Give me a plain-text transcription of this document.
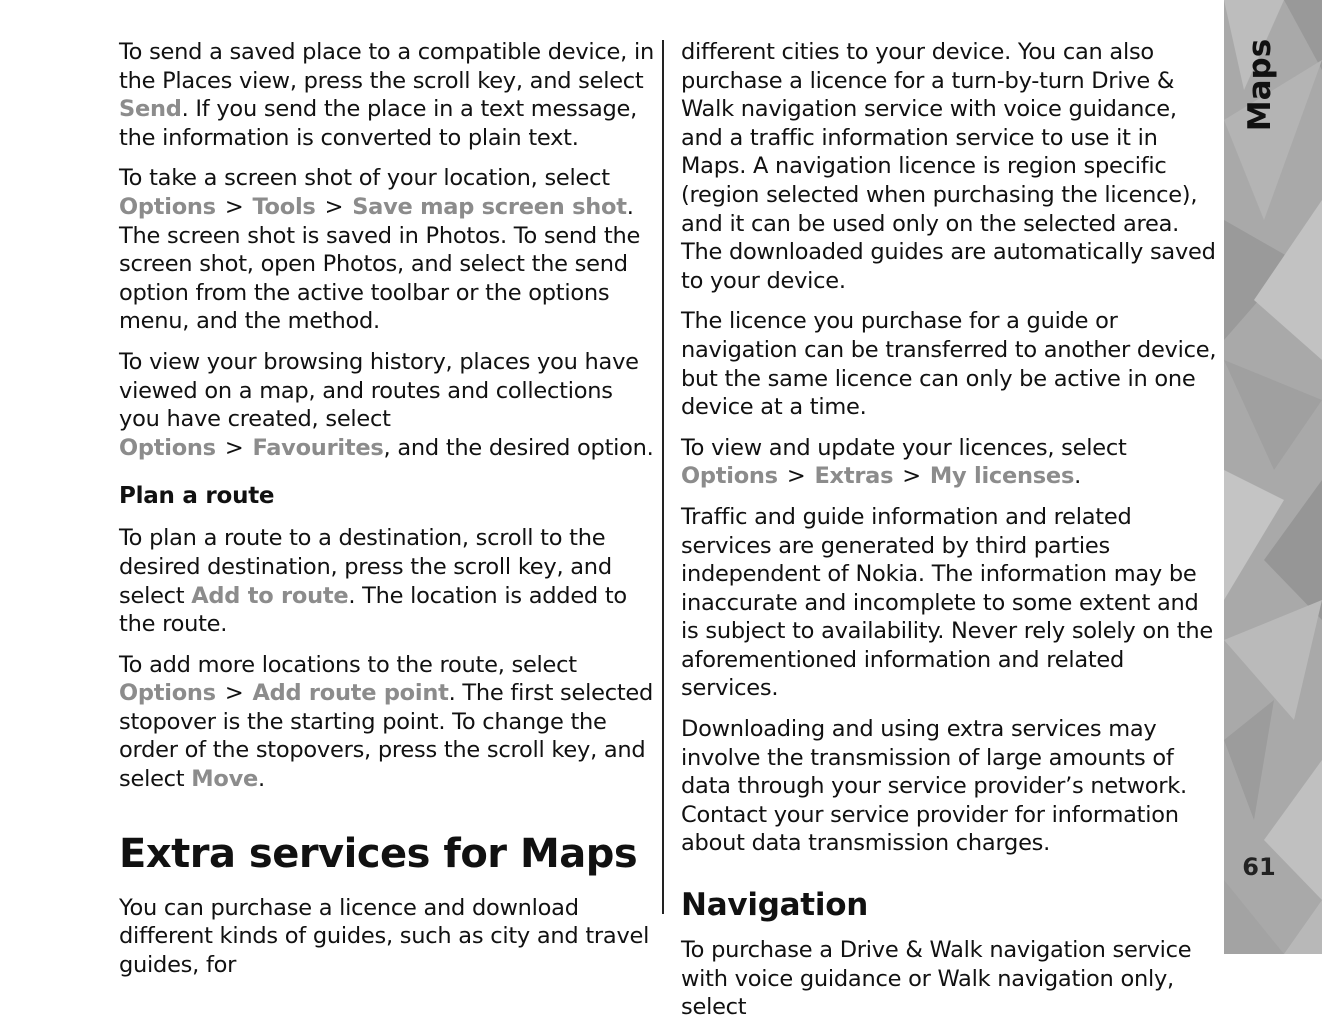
To send a saved place to a compatible device, in the Places view, press the scroll key, and select Send. If you send the place in a text message, the information is converted to plain text.

To take a screen shot of your location, select Options > Tools > Save map screen shot. The screen shot is saved in Photos. To send the screen shot, open Photos, and select the send option from the active toolbar or the options menu, and the method.

To view your browsing history, places you have viewed on a map, and routes and collections you have created, select Options > Favourites, and the desired option.

Plan a route

To plan a route to a destination, scroll to the desired destination, press the scroll key, and select Add to route. The location is added to the route.

To add more locations to the route, select Options > Add route point. The first selected stopover is the starting point. To change the order of the stopovers, press the scroll key, and select Move.

Extra services for Maps

You can purchase a licence and download different kinds of guides, such as city and travel guides, for

different cities to your device. You can also purchase a licence for a turn-by-turn Drive & Walk navigation service with voice guidance, and a traffic information service to use it in Maps. A navigation licence is region specific (region selected when purchasing the licence), and it can be used only on the selected area. The downloaded guides are automatically saved to your device.

The licence you purchase for a guide or navigation can be transferred to another device, but the same licence can only be active in one device at a time.

To view and update your licences, select Options > Extras > My licenses.

Traffic and guide information and related services are generated by third parties independent of Nokia. The information may be inaccurate and incomplete to some extent and is subject to availability. Never rely solely on the aforementioned information and related services.

Downloading and using extra services may involve the transmission of large amounts of data through your service provider’s network. Contact your service provider for information about data transmission charges.

Navigation

To purchase a Drive & Walk navigation service with voice guidance or Walk navigation only, select

Maps
61
